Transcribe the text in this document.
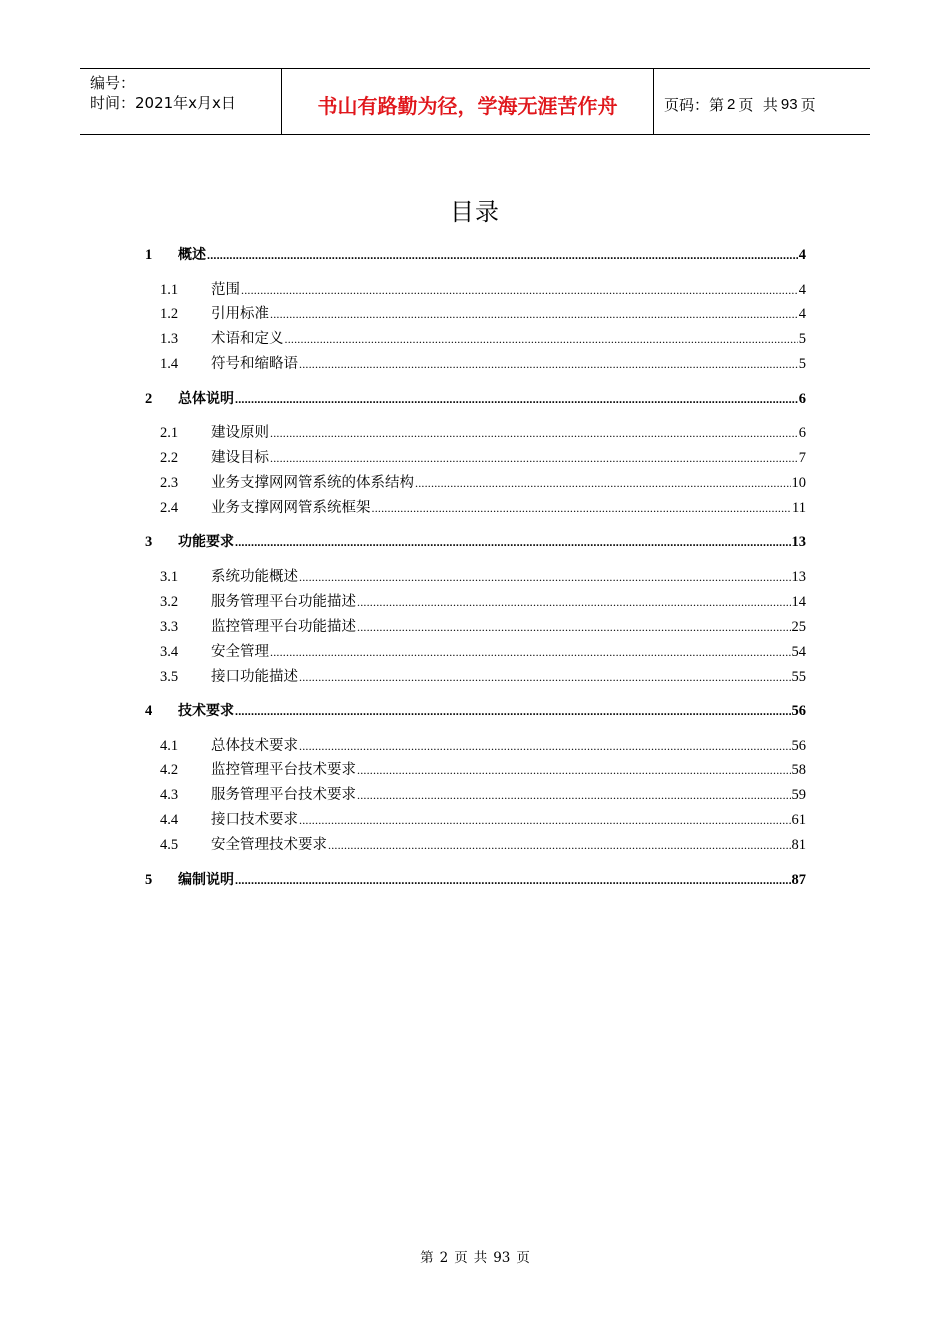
编号：
时间：2021年x月x日	书山有路勤为径，学海无涯苦作舟	页码：第 2 页  共 93 页
目录
1	概述 .....	4
1.1	范围 .....	4
1.2	引用标准 .....	4
1.3	术语和定义 .....	5
1.4	符号和缩略语 .....	5
2	总体说明 .....	6
2.1	建设原则 .....	6
2.2	建设目标 .....	7
2.3	业务支撑网网管系统的体系结构 .....	10
2.4	业务支撑网网管系统框架 .....	11
3	功能要求 .....	13
3.1	系统功能概述 .....	13
3.2	服务管理平台功能描述 .....	14
3.3	监控管理平台功能描述 .....	25
3.4	安全管理 .....	54
3.5	接口功能描述 .....	55
4	技术要求 .....	56
4.1	总体技术要求 .....	56
4.2	监控管理平台技术要求 .....	58
4.3	服务管理平台技术要求 .....	59
4.4	接口技术要求 .....	61
4.5	安全管理技术要求 .....	81
5	编制说明 .....	87
第 2 页 共 93 页
